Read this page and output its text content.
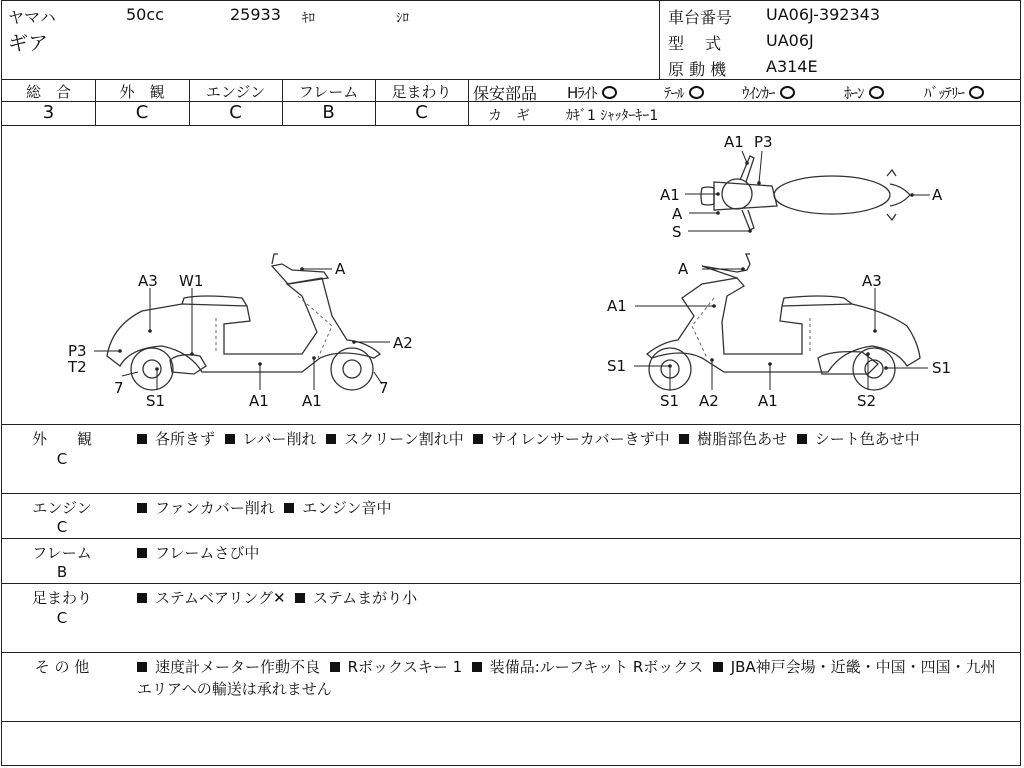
ヤマハ	50cc	25933 ｷﾛ	ｼﾛ
ギア
車台番号 UA06J-392343
型　 式	UA06J
原 動 機 A314E
総　合	外　観	エンジン	フレーム	足まわり
3	C	C	B	C
保安部品 Hﾗｲﾄ	ﾃｰﾙ	ｳｲﾝｶｰ	ﾎｰﾝ	ﾊﾞｯﾃﾘｰ
カ　ギ	ｶｷﾞ1 ｼｬｯﾀｰｷｰ1
A1 P3
A1	A
A
S
A
A3 W1
P3
T2
A2
7
S1	A1 A1
7
A
A1
A3
S1
A2	A1
S1
S1	S2
外　　観
C
各所きず レバー削れ スクリーン割れ中 サイレンサーカバーきず中 樹脂部色あせ シート色あせ中
エンジン
C
ファンカバー削れ エンジン音中
フレーム
B
フレームさび中
足まわり
C
ステムベアリング✕ ステムまがり小
そ の 他	速度計メーター作動不良 Rボックスキー 1 装備品:ルーフキット Rボックス JBA神戸会場・近畿・中国・四国・九州エリアへの輸送は承れません
